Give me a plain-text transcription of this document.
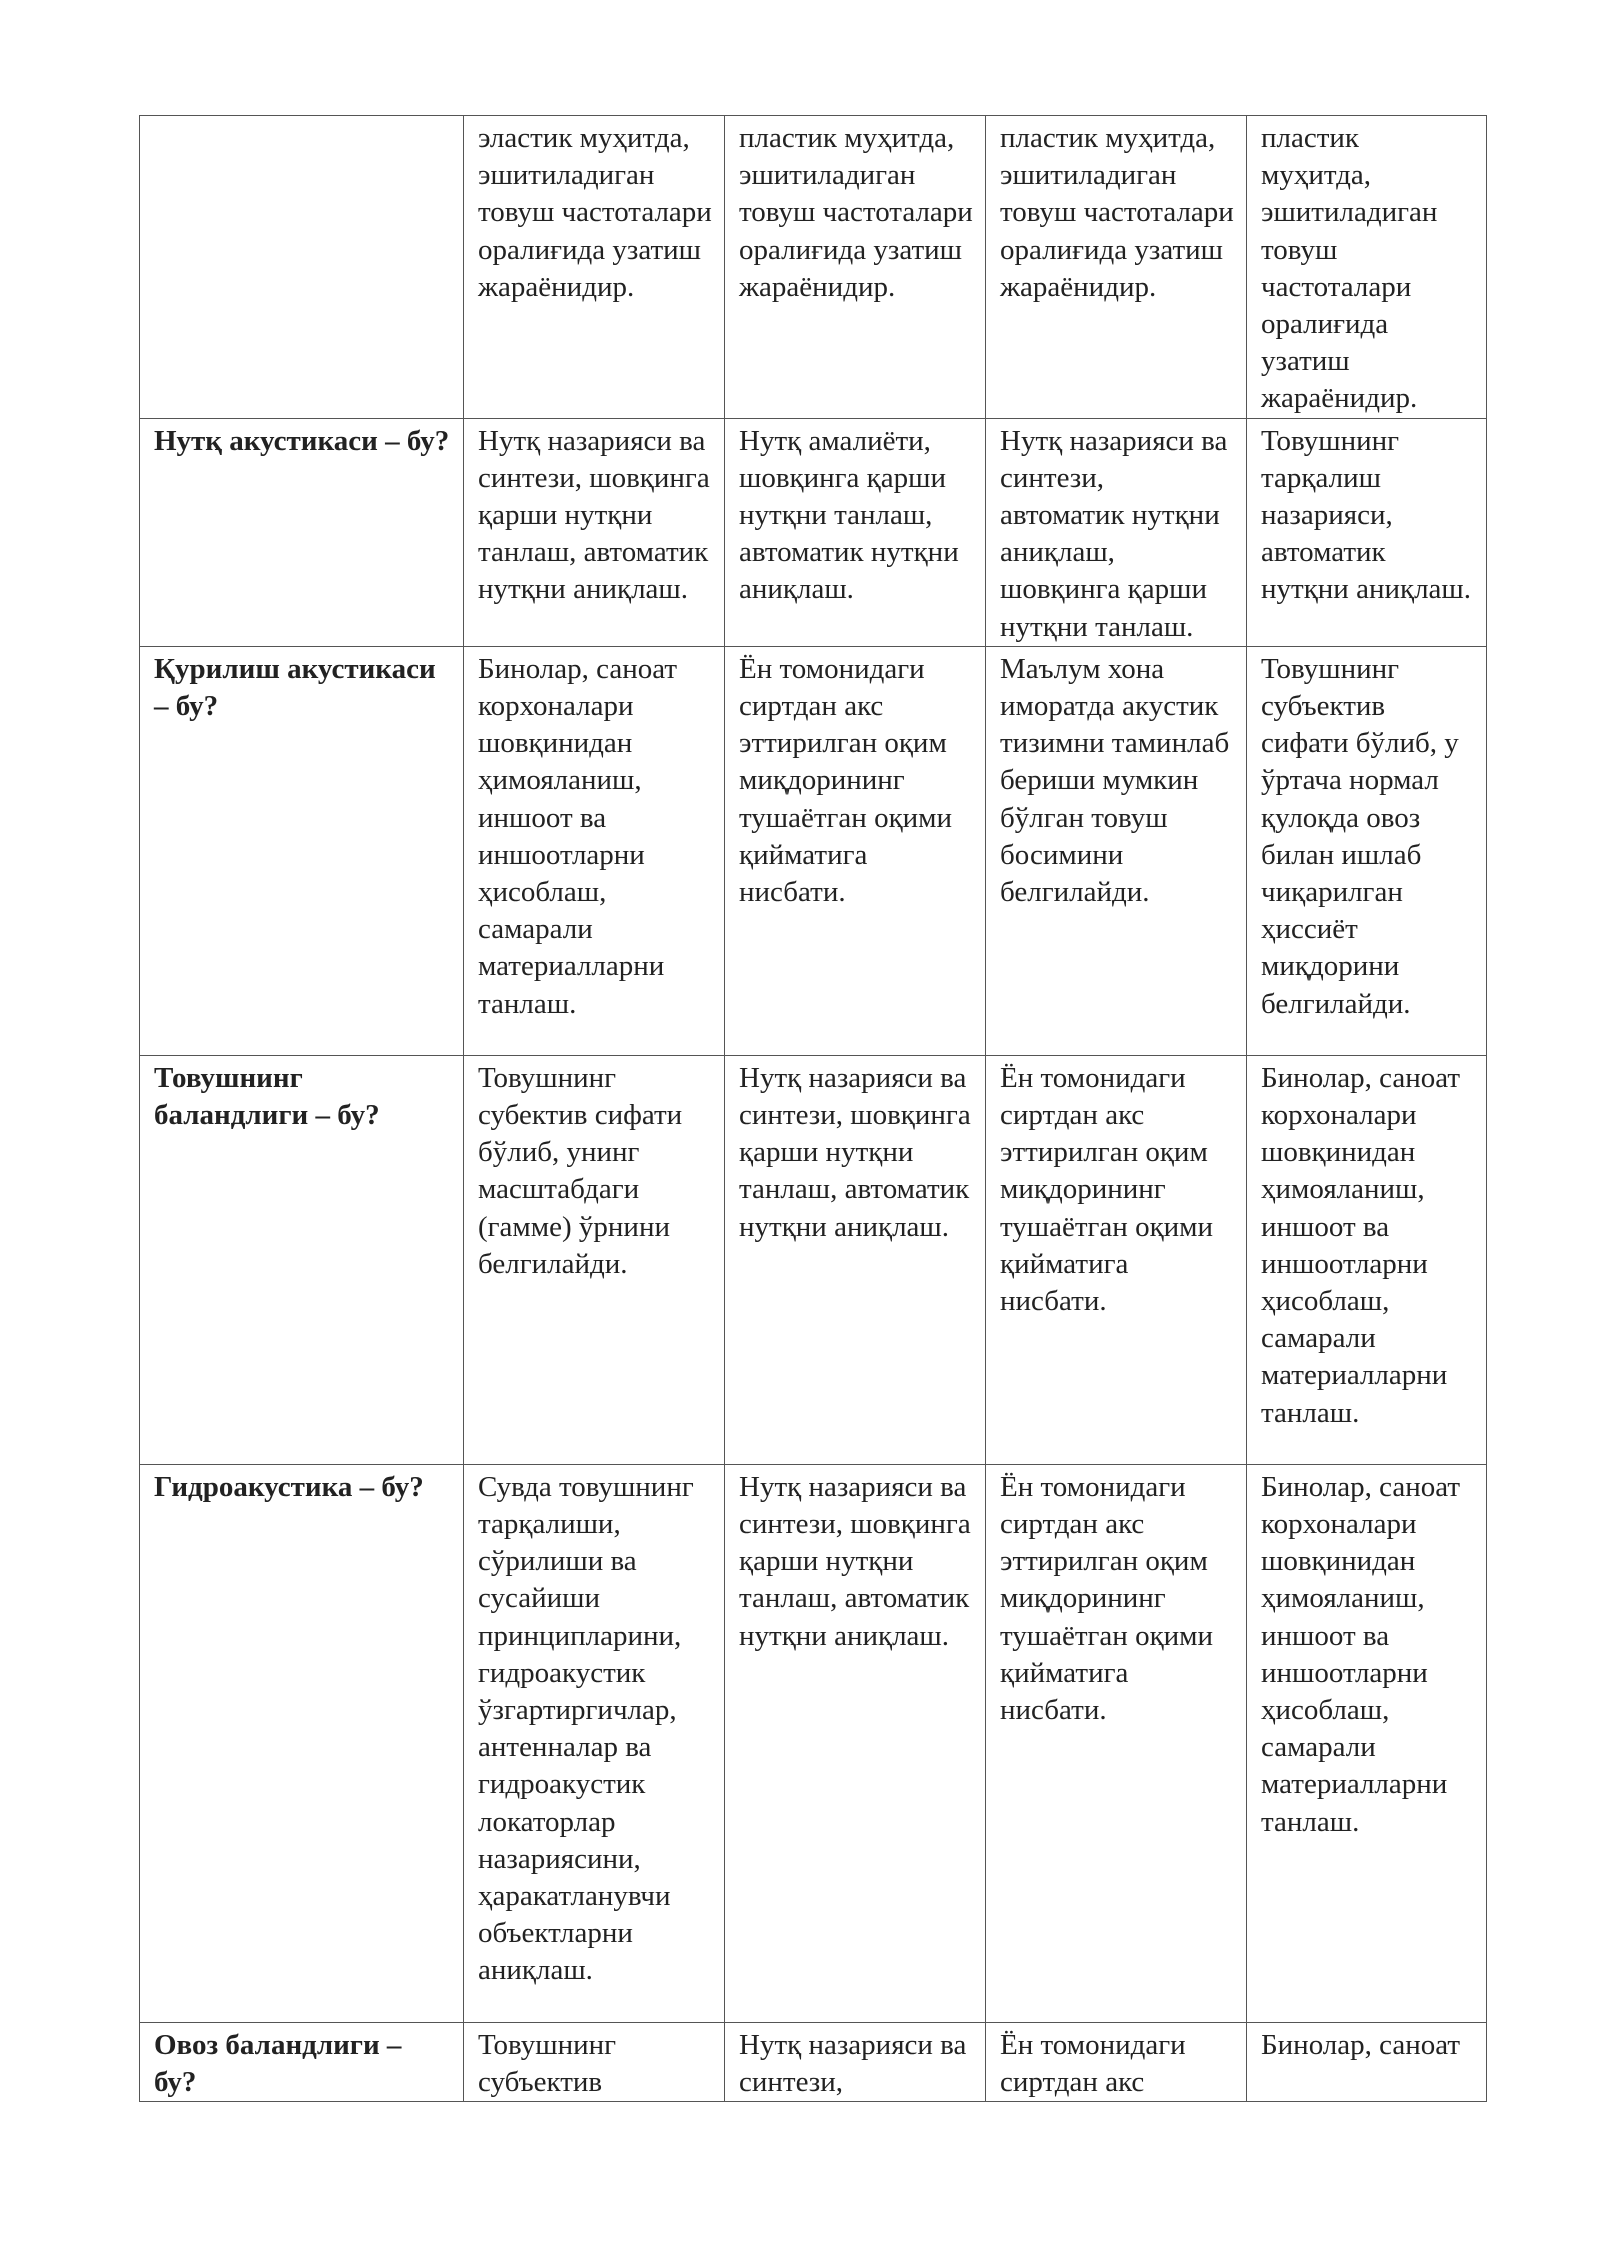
	эластик муҳитда, эшитиладиган товуш частоталари оралиғида узатиш жараёнидир.	пластик муҳитда, эшитиладиган товуш частоталари оралиғида узатиш жараёнидир.	пластик муҳитда, эшитиладиган товуш частоталари оралиғида узатиш жараёнидир.	пластик муҳитда, эшитиладиган товуш частоталари оралиғида узатиш жараёнидир.
Нутқ акустикаси – бу?	Нутқ назарияси ва синтези, шовқинга қарши нутқни танлаш, автоматик нутқни аниқлаш.	Нутқ амалиёти, шовқинга қарши нутқни танлаш, автоматик нутқни аниқлаш.	Нутқ назарияси ва синтези, автоматик нутқни аниқлаш, шовқинга қарши нутқни танлаш.	Товушнинг тарқалиш назарияси, автоматик нутқни аниқлаш.
Қурилиш акустикаси – бу?	Бинолар, саноат корхоналари шовқинидан ҳимояланиш, иншоот ва иншоотларни ҳисоблаш, самарали материалларни танлаш.	Ён томонидаги сиртдан акс эттирилган оқим миқдорининг тушаётган оқими қийматига нисбати.	Маълум хона иморатда акустик тизимни таминлаб бериши мумкин бўлган товуш босимини белгилайди.	Товушнинг субъектив сифати бўлиб, у ўртача нормал қулоқда овоз билан ишлаб чиқарилган ҳиссиёт миқдорини белгилайди.
Товушнинг баландлиги – бу?	Товушнинг субектив сифати бўлиб, унинг масштабдаги (гамме) ўрнини белгилайди.	Нутқ назарияси ва синтези, шовқинга қарши нутқни танлаш, автоматик нутқни аниқлаш.	Ён томонидаги сиртдан акс эттирилган оқим миқдорининг тушаётган оқими қийматига нисбати.	Бинолар, саноат корхоналари шовқинидан ҳимояланиш, иншоот ва иншоотларни ҳисоблаш, самарали материалларни танлаш.
Гидроакустика – бу?	Сувда товушнинг тарқалиши, сўрилиши ва сусайиши принципларини, гидроакустик ўзгартиргичлар, антенналар ва гидроакустик локаторлар назариясини, ҳаракатланувчи объектларни аниқлаш.	Нутқ назарияси ва синтези, шовқинга қарши нутқни танлаш, автоматик нутқни аниқлаш.	Ён томонидаги сиртдан акс эттирилган оқим миқдорининг тушаётган оқими қийматига нисбати.	Бинолар, саноат корхоналари шовқинидан ҳимояланиш, иншоот ва иншоотларни ҳисоблаш, самарали материалларни танлаш.
Овоз баландлиги – бу?	Товушнинг субъектив	Нутқ назарияси ва синтези,	Ён томонидаги сиртдан акс	Бинолар, саноат
